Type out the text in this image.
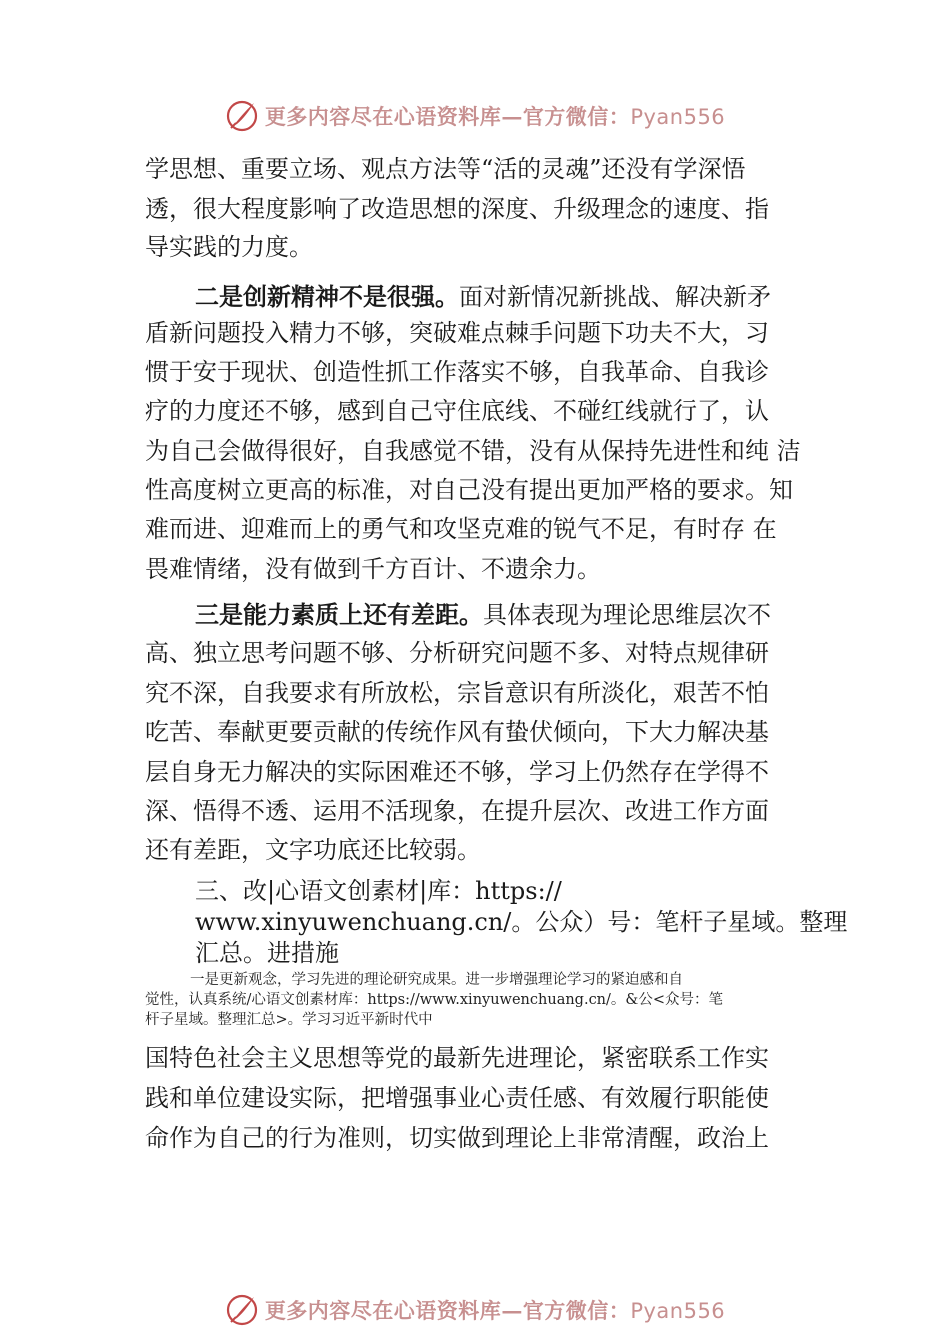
更多内容尽在心语资料库—官方微信：Pyan556
学思想、重要立场、观点方法等“活的灵魂”还没有学深悟
透，很大程度影响了改造思想的深度、升级理念的速度、指
导实践的力度。
二是创新精神不是很强。面对新情况新挑战、解决新矛
盾新问题投入精力不够，突破难点棘手问题下功夫不大，习
惯于安于现状、创造性抓工作落实不够，自我革命、自我诊
疗的力度还不够，感到自己守住底线、不碰红线就行了，认
为自己会做得很好，自我感觉不错，没有从保持先进性和纯 洁
性高度树立更高的标准，对自己没有提出更加严格的要求。知
难而进、迎难而上的勇气和攻坚克难的锐气不足，有时存 在
畏难情绪，没有做到千方百计、不遗余力。
三是能力素质上还有差距。具体表现为理论思维层次不
高、独立思考问题不够、分析研究问题不多、对特点规律研
究不深，自我要求有所放松，宗旨意识有所淡化，艰苦不怕
吃苦、奉献更要贡献的传统作风有蛰伏倾向，下大力解决基
层自身无力解决的实际困难还不够，学习上仍然存在学得不
深、悟得不透、运用不活现象，在提升层次、改进工作方面
还有差距，文字功底还比较弱。
三、改|心语文创素材|库：https://
www.xinyuwenchuang.cn/。公众）号：笔杆子星域。整理
汇总。进措施
一是更新观念，学习先进的理论研究成果。进一步增强理论学习的紧迫感和自
觉性，认真系统/心语文创素材库：https://www.xinyuwenchuang.cn/。&公<众号：笔
杆子星域。整理汇总>。学习习近平新时代中
国特色社会主义思想等党的最新先进理论，紧密联系工作实
践和单位建设实际，把增强事业心责任感、有效履行职能使
命作为自己的行为准则，切实做到理论上非常清醒，政治上
更多内容尽在心语资料库—官方微信：Pyan556
